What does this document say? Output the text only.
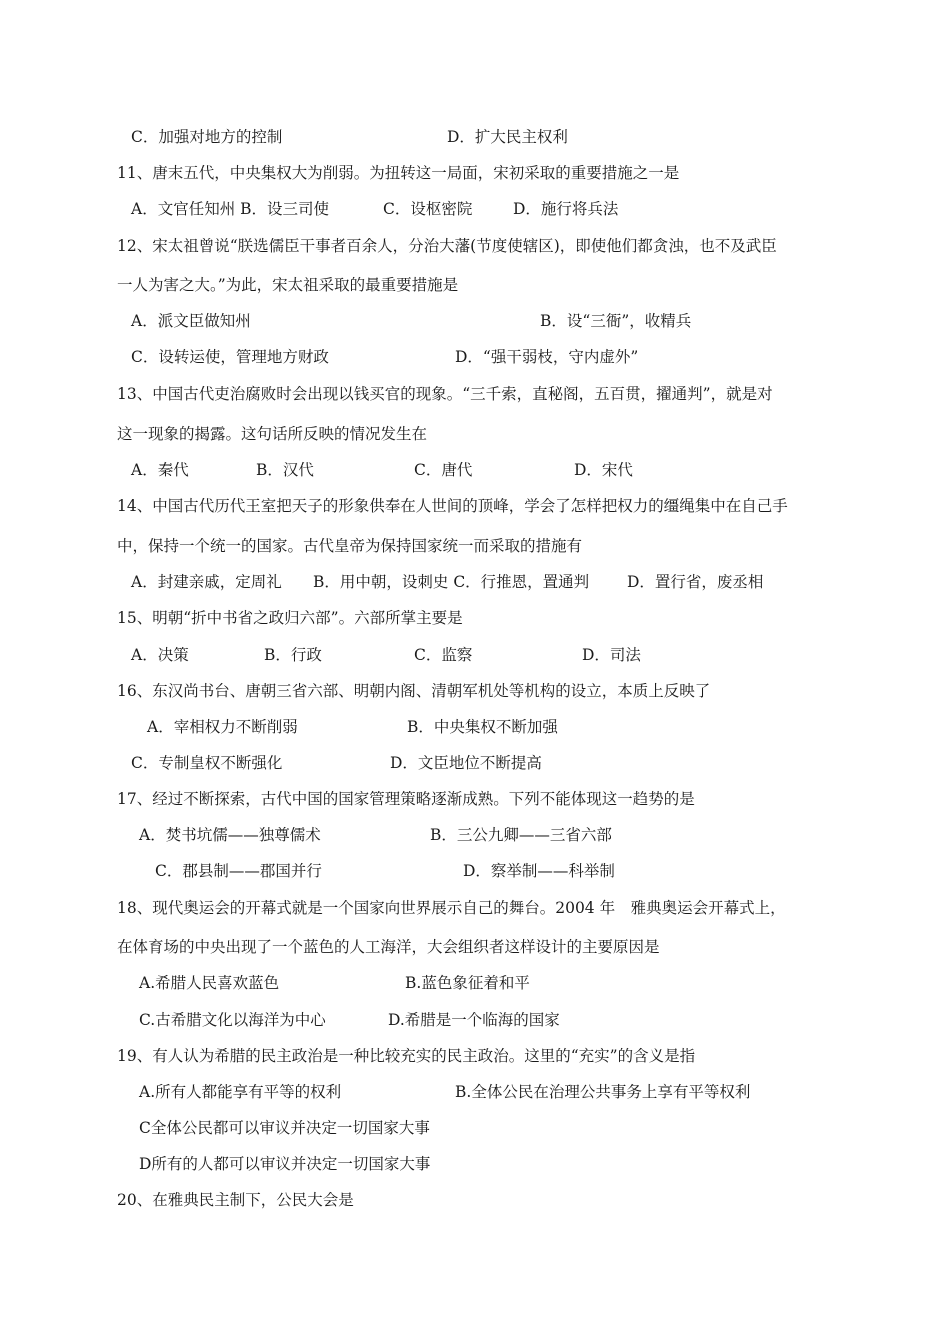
C．加强对地方的控制	D．扩大民主权利
11、唐末五代，中央集权大为削弱。为扭转这一局面，宋初采取的重要措施之一是
A．文官任知州 B．设三司使	C．设枢密院	D．施行将兵法
12、宋太祖曾说“朕选儒臣干事者百余人，分治大藩(节度使辖区)，即使他们都贪浊，也不及武臣
一人为害之大。”为此，宋太祖采取的最重要措施是
A．派文臣做知州	B．设“三衙”，收精兵
C．设转运使，管理地方财政	D．“强干弱枝，守内虚外”
13、中国古代吏治腐败时会出现以钱买官的现象。“三千索，直秘阁，五百贯，擢通判”，就是对
这一现象的揭露。这句话所反映的情况发生在
A．秦代	B．汉代	C．唐代	D．宋代
14、中国古代历代王室把天子的形象供奉在人世间的顶峰，学会了怎样把权力的缰绳集中在自己手
中，保持一个统一的国家。古代皇帝为保持国家统一而采取的措施有
A．封建亲戚，定周礼 B．用中朝，设刺史 C．行推恩，置通判 D．置行省，废丞相
15、明朝“折中书省之政归六部”。六部所掌主要是
A．决策	B．行政	C．监察	D．司法
16、东汉尚书台、唐朝三省六部、明朝内阁、清朝军机处等机构的设立，本质上反映了
A．宰相权力不断削弱	B．中央集权不断加强
C．专制皇权不断强化	D．文臣地位不断提高
17、经过不断探索，古代中国的国家管理策略逐渐成熟。下列不能体现这一趋势的是
A．焚书坑儒——独尊儒术	B．三公九卿——三省六部
C．郡县制——郡国并行	D．察举制——科举制
18、现代奥运会的开幕式就是一个国家向世界展示自己的舞台。2004 年　雅典奥运会开幕式上，
在体育场的中央出现了一个蓝色的人工海洋，大会组织者这样设计的主要原因是
A.希腊人民喜欢蓝色	B.蓝色象征着和平
C.古希腊文化以海洋为中心	D.希腊是一个临海的国家
19、有人认为希腊的民主政治是一种比较充实的民主政治。这里的“充实”的含义是指
A.所有人都能享有平等的权利	B.全体公民在治理公共事务上享有平等权利
C全体公民都可以审议并决定一切国家大事
D所有的人都可以审议并决定一切国家大事
20、在雅典民主制下，公民大会是
